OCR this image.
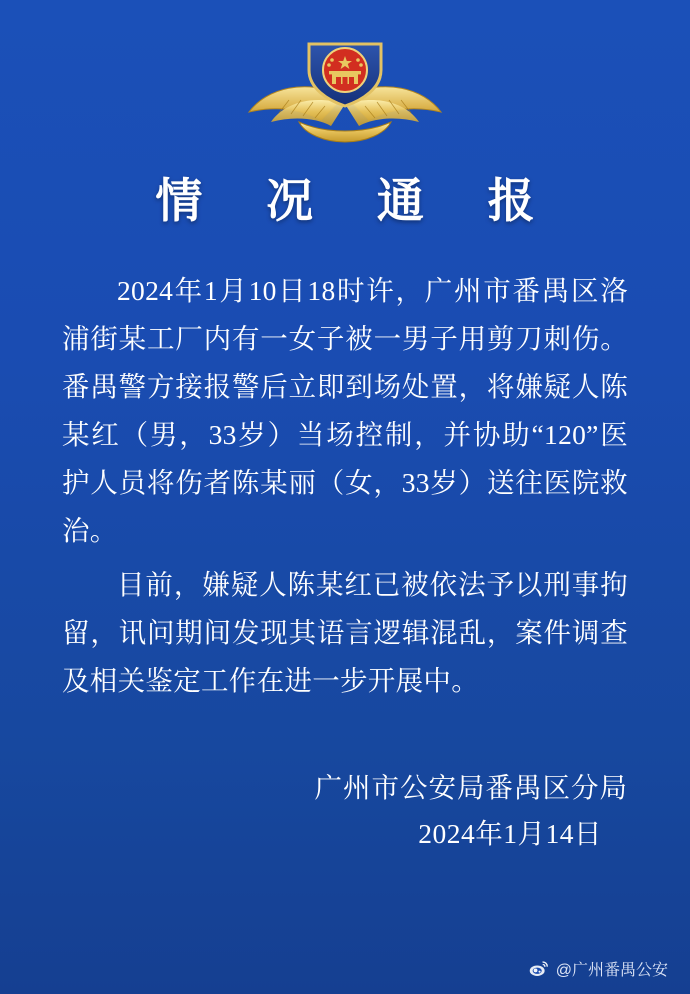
情 况 通 报

2024年1月10日18时许，广州市番禺区洛浦街某工厂内有一女子被一男子用剪刀刺伤。番禺警方接报警后立即到场处置，将嫌疑人陈某红（男，33岁）当场控制，并协助“120”医护人员将伤者陈某丽（女，33岁）送往医院救治。

目前，嫌疑人陈某红已被依法予以刑事拘留，讯问期间发现其语言逻辑混乱，案件调查及相关鉴定工作在进一步开展中。

广州市公安局番禺区分局
2024年1月14日
@广州番禺公安
